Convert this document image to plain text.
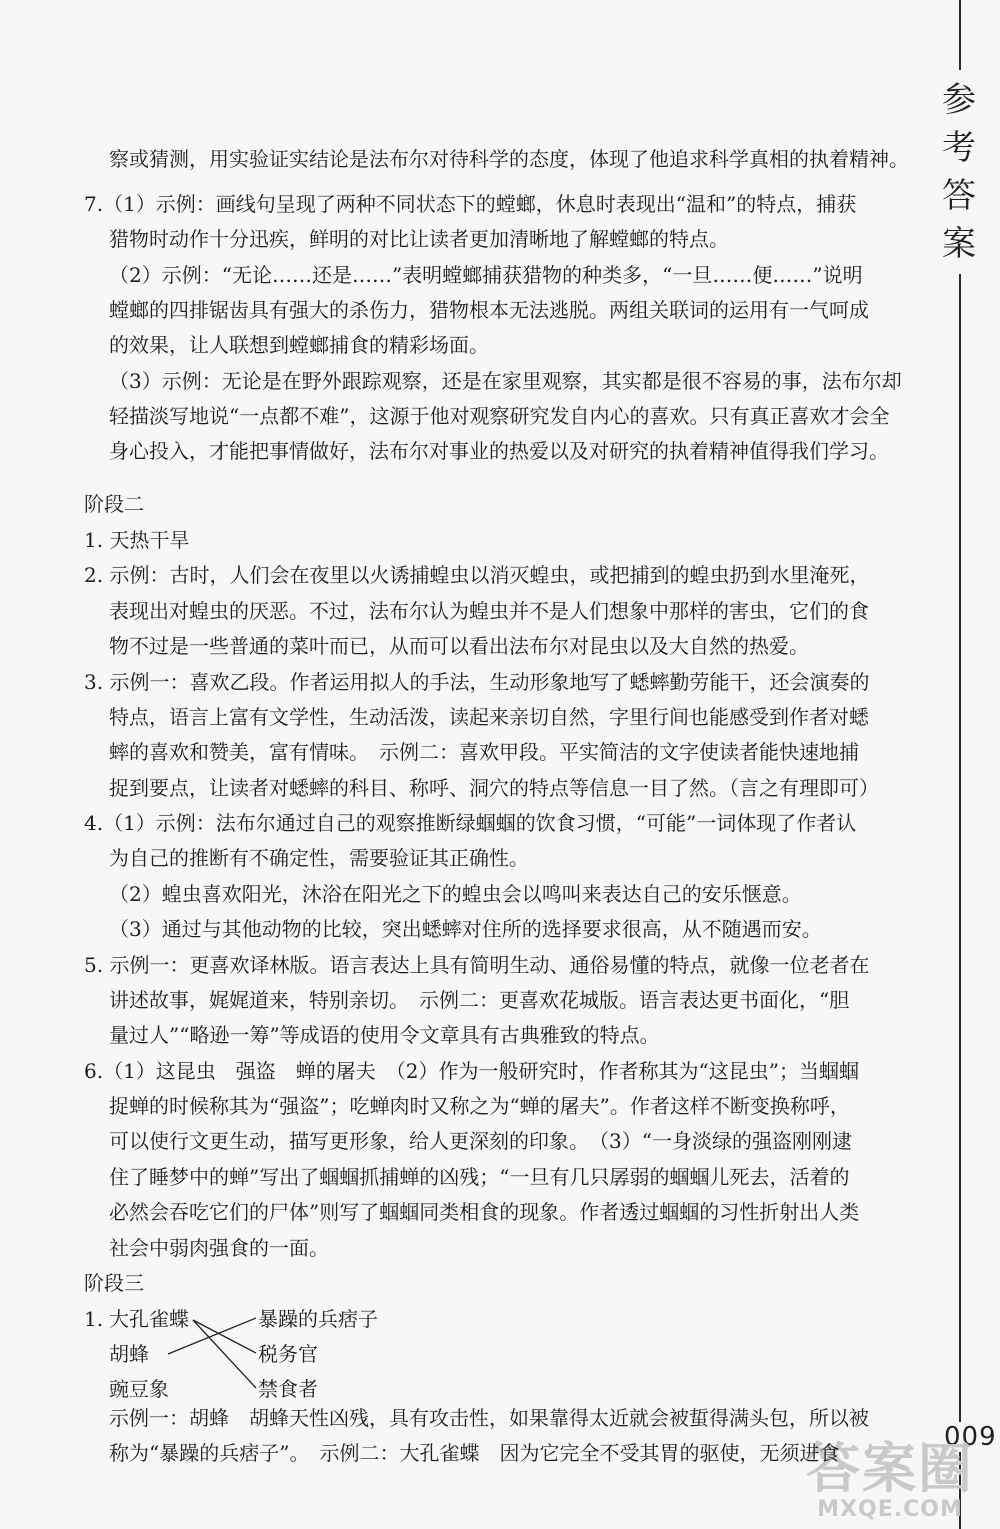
参
考
答
案
009
答案圈
MXQE.COM
阶段二
阶段三
1. 大孔雀蝶
胡蜂
豌豆象
暴躁的兵痞子
税务官
禁食者
察或猜测，用实验证实结论是法布尔对待科学的态度，体现了他追求科学真相的执着精神。
7.（1）示例：画线句呈现了两种不同状态下的螳螂，休息时表现出“温和”的特点，捕获
猎物时动作十分迅疾，鲜明的对比让读者更加清晰地了解螳螂的特点。
（2）示例：“无论……还是……”表明螳螂捕获猎物的种类多，“一旦……便……”说明
螳螂的四排锯齿具有强大的杀伤力，猎物根本无法逃脱。两组关联词的运用有一气呵成
的效果，让人联想到螳螂捕食的精彩场面。
（3）示例：无论是在野外跟踪观察，还是在家里观察，其实都是很不容易的事，法布尔却
轻描淡写地说“一点都不难”，这源于他对观察研究发自内心的喜欢。只有真正喜欢才会全
身心投入，才能把事情做好，法布尔对事业的热爱以及对研究的执着精神值得我们学习。
1. 天热干旱
2. 示例：古时，人们会在夜里以火诱捕蝗虫以消灭蝗虫，或把捕到的蝗虫扔到水里淹死，
表现出对蝗虫的厌恶。不过，法布尔认为蝗虫并不是人们想象中那样的害虫，它们的食
物不过是一些普通的菜叶而已，从而可以看出法布尔对昆虫以及大自然的热爱。
3. 示例一：喜欢乙段。作者运用拟人的手法，生动形象地写了蟋蟀勤劳能干，还会演奏的
特点，语言上富有文学性，生动活泼，读起来亲切自然，字里行间也能感受到作者对蟋
蟀的喜欢和赞美，富有情味。　示例二：喜欢甲段。平实简洁的文字使读者能快速地捕
捉到要点，让读者对蟋蟀的科目、称呼、洞穴的特点等信息一目了然。（言之有理即可）
4.（1）示例：法布尔通过自己的观察推断绿蝈蝈的饮食习惯，“可能”一词体现了作者认
为自己的推断有不确定性，需要验证其正确性。
（2）蝗虫喜欢阳光，沐浴在阳光之下的蝗虫会以鸣叫来表达自己的安乐惬意。
（3）通过与其他动物的比较，突出蟋蟀对住所的选择要求很高，从不随遇而安。
5. 示例一：更喜欢译林版。语言表达上具有简明生动、通俗易懂的特点，就像一位老者在
讲述故事，娓娓道来，特别亲切。　示例二：更喜欢花城版。语言表达更书面化，“胆
量过人”“略逊一筹”等成语的使用令文章具有古典雅致的特点。
6.（1）这昆虫　强盗　蝉的屠夫　（2）作为一般研究时，作者称其为“这昆虫”；当蝈蝈
捉蝉的时候称其为“强盗”；吃蝉肉时又称之为“蝉的屠夫”。作者这样不断变换称呼，
可以使行文更生动，描写更形象，给人更深刻的印象。　（3）“一身淡绿的强盗刚刚逮
住了睡梦中的蝉”写出了蝈蝈抓捕蝉的凶残；“一旦有几只孱弱的蝈蝈儿死去，活着的
必然会吞吃它们的尸体”则写了蝈蝈同类相食的现象。作者透过蝈蝈的习性折射出人类
社会中弱肉强食的一面。
示例一：胡蜂　胡蜂天性凶残，具有攻击性，如果靠得太近就会被蜇得满头包，所以被
称为“暴躁的兵痞子”。　示例二：大孔雀蝶　因为它完全不受其胃的驱使，无须进食
